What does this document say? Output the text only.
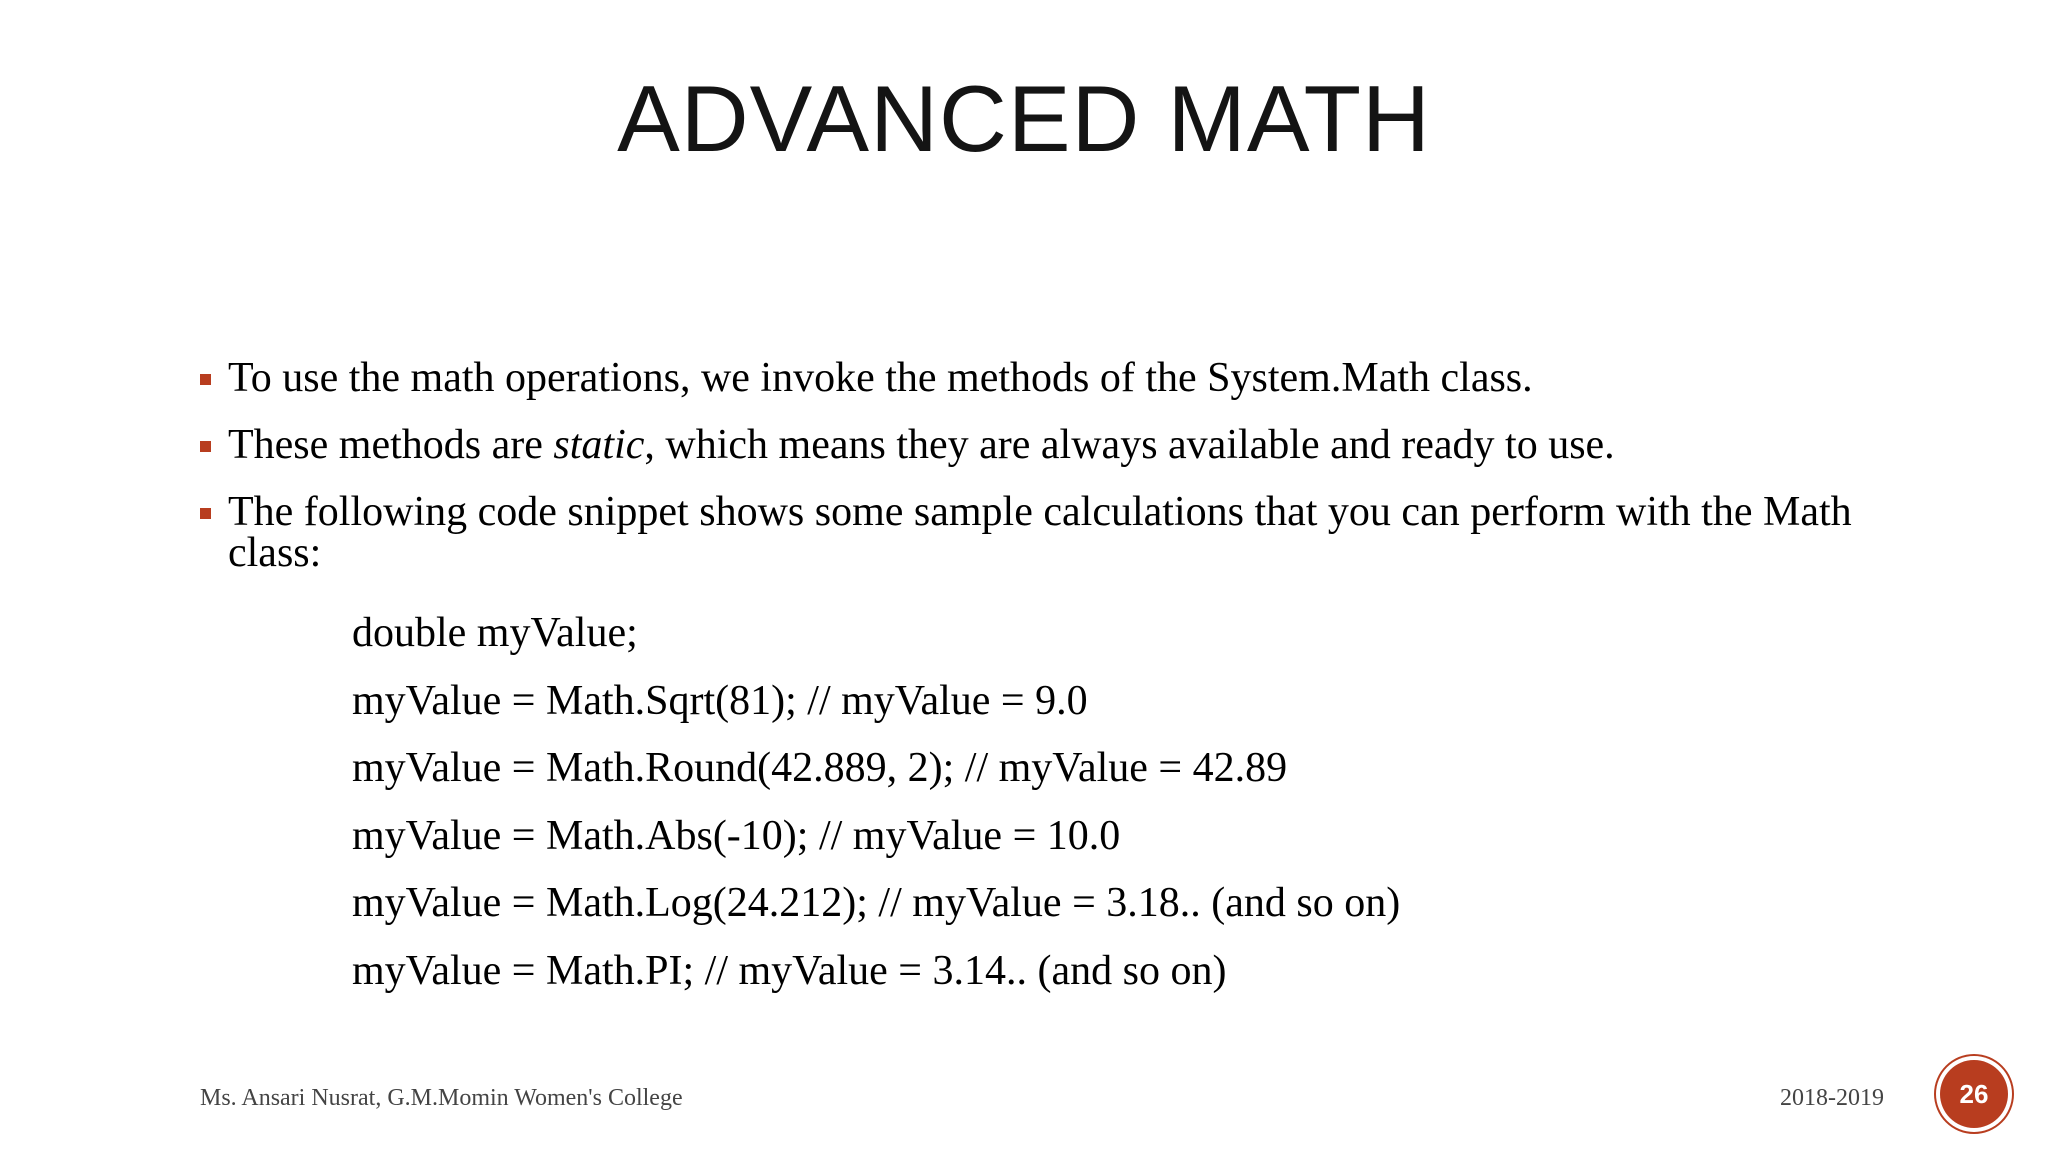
ADVANCED MATH
To use the math operations, we invoke the methods of the System.Math class.
These methods are static, which means they are always available and ready to use.
The following code snippet shows some sample calculations that you can perform with the Math class:
double myValue;
myValue = Math.Sqrt(81); // myValue = 9.0
myValue = Math.Round(42.889, 2); // myValue = 42.89
myValue = Math.Abs(-10); // myValue = 10.0
myValue = Math.Log(24.212); // myValue = 3.18.. (and so on)
myValue = Math.PI; // myValue = 3.14.. (and so on)
Ms. Ansari Nusrat, G.M.Momin Women's College	2018-2019	26
